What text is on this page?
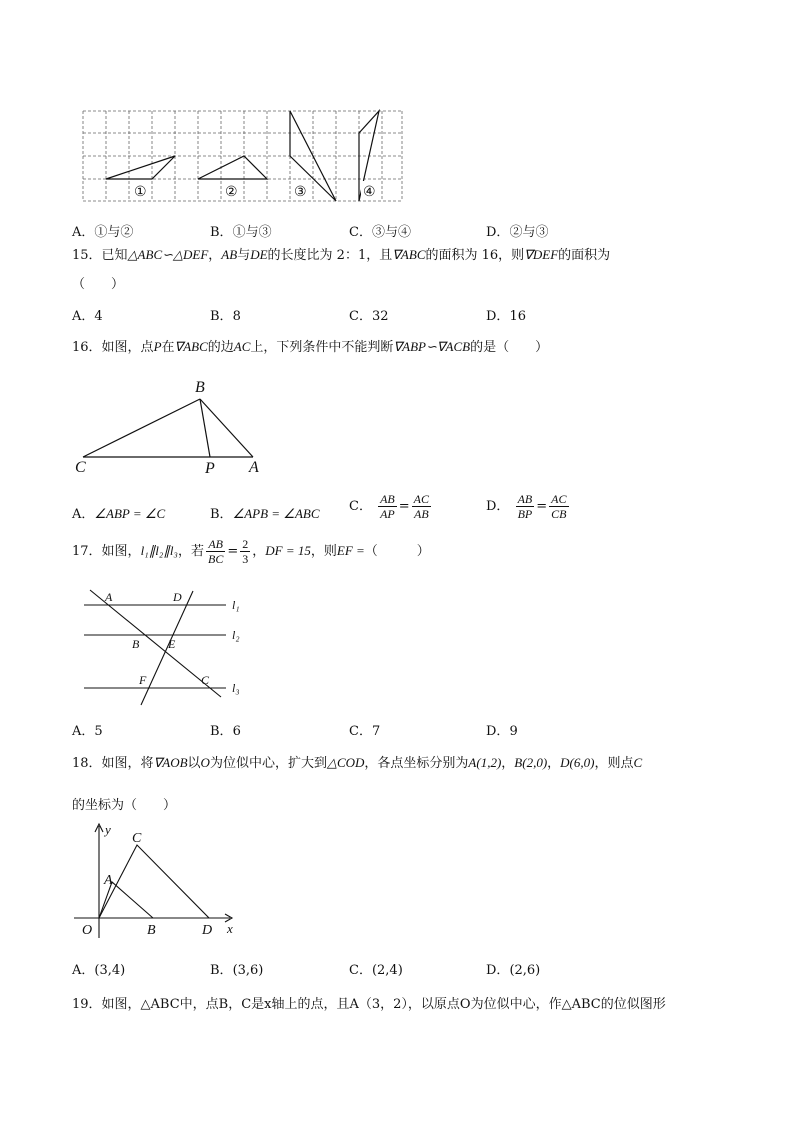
①	②	③	④
A．①与②	B．①与③	C．③与④	D．②与③
15．已知△ABC∽△DEF，AB与DE的长度比为 2：1，且∇ABC的面积为 16，则∇DEF的面积为
（　　）
A．4	B．8	C．32	D．16
16．如图，点P在∇ABC的边AC上，下列条件中不能判断∇ABP∽∇ACB的是（　　）
B
C	P A
A．∠ABP = ∠C	B．∠APB = ∠ABC C． $\frac{AB}{AP} = \frac{AC}{AB}$	D． $\frac{AB}{BP} = \frac{AC}{CB}$
17．如图，l₁∥l₂∥l₃，若 $\frac{AB}{BC} = \frac{2}{3}$ ，DF = 15，则EF =（　　　）
A	D
B E
F	C
l₁
l₂
l₃
A．5	B．6	C．7	D．9
18．如图，将∇AOB以O为位似中心，扩大到△COD，各点坐标分别为A(1,2)，B(2,0)，D(6,0)，则点C
的坐标为（　　）
y
x
C
A
O	B	D
A．(3,4)	B．(3,6)	C．(2,4)	D．(2,6)
19．如图，△ABC中，点B，C是x轴上的点，且A（3，2），以原点O为位似中心，作△ABC的位似图形
